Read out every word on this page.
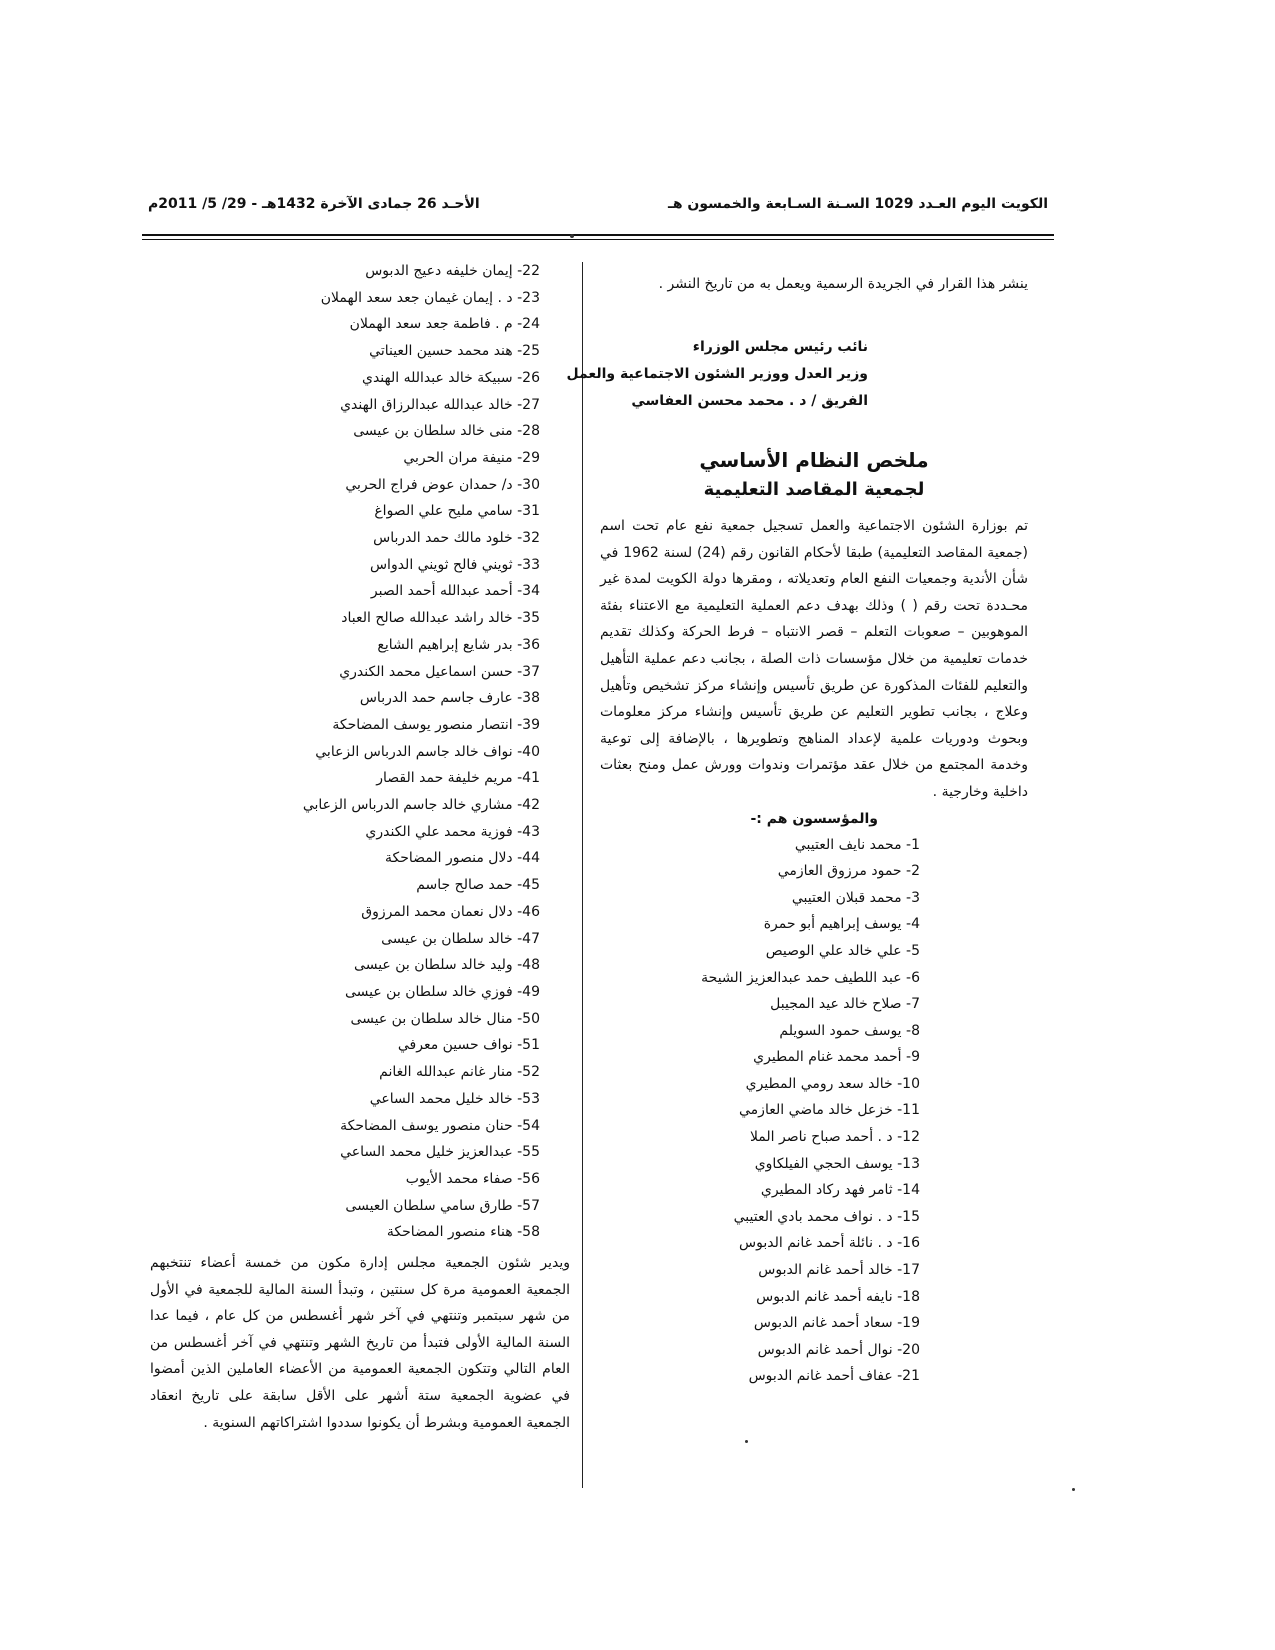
الكويت اليوم العـدد 1029 السـنة السـابعة والخمسون هـ
الأحـد 26 جمادى الآخرة 1432هـ - 29/ 5/ 2011م
ينشر هذا القرار في الجريدة الرسمية ويعمل به من تاريخ النشر .
نائب رئيس مجلس الوزراء
وزير العدل ووزير الشئون الاجتماعية والعمل
الفريق / د . محمد محسن العفاسي
ملخص النظام الأساسي
لجمعية المقاصد التعليمية
تم بوزارة الشئون الاجتماعية والعمل تسجيل جمعية نفع عام تحت اسم (جمعية المقاصد التعليمية) طبقا لأحكام القانون رقم (24) لسنة 1962 في شأن الأندية وجمعيات النفع العام وتعديلاته ، ومقرها دولة الكويت لمدة غير محـددة تحت رقم ( ) وذلك بهدف دعم العملية التعليمية مع الاعتناء بفئة الموهوبين – صعوبات التعلم – قصر الانتباه – فرط الحركة وكذلك تقديم خدمات تعليمية من خلال مؤسسات ذات الصلة ، بجانب دعم عملية التأهيل والتعليم للفئات المذكورة عن طريق تأسيس وإنشاء مركز تشخيص وتأهيل وعلاج ، بجانب تطوير التعليم عن طريق تأسيس وإنشاء مركز معلومات وبحوث ودوريات علمية لإعداد المناهج وتطويرها ، بالإضافة إلى توعية وخدمة المجتمع من خلال عقد مؤتمرات وندوات وورش عمل ومنح بعثات داخلية وخارجية .
والمؤسسون هم :-
1- محمد نايف العتيبي
2- حمود مرزوق العازمي
3- محمد قبلان العتيبي
4- يوسف إبراهيم أبو حمرة
5- علي خالد علي الوصيص
6- عبد اللطيف حمد عبدالعزيز الشيحة
7- صلاح خالد عيد المجيبل
8- يوسف حمود السويلم
9- أحمد محمد غنام المطيري
10- خالد سعد رومي المطيري
11- خزعل خالد ماضي العازمي
12- د . أحمد صباح ناصر الملا
13- يوسف الحجي الفيلكاوي
14- ثامر فهد ركاد المطيري
15- د . نواف محمد بادي العتيبي
16- د . نائلة أحمد غانم الدبوس
17- خالد أحمد غانم الدبوس
18- نايفه أحمد غانم الدبوس
19- سعاد أحمد غانم الدبوس
20- نوال أحمد غانم الدبوس
21- عفاف أحمد غانم الدبوس
22- إيمان خليفه دعيج الدبوس
23- د . إيمان غيمان جعد سعد الهملان
24- م . فاطمة جعد سعد الهملان
25- هند محمد حسين العيناتي
26- سبيكة خالد عبدالله الهندي
27- خالد عبدالله عبدالرزاق الهندي
28- منى خالد سلطان بن عيسى
29- منيفة مران الحربي
30- د/ حمدان عوض فراج الحربي
31- سامي مليح علي الصواغ
32- خلود مالك حمد الدرباس
33- ثويني فالح ثويني الدواس
34- أحمد عبدالله أحمد الصبر
35- خالد راشد عبدالله صالح العباد
36- بدر شايع إبراهيم الشايع
37- حسن اسماعيل محمد الكندري
38- عارف جاسم حمد الدرباس
39- انتصار منصور يوسف المضاحكة
40- نواف خالد جاسم الدرباس الزعابي
41- مريم خليفة حمد القصار
42- مشاري خالد جاسم الدرباس الزعابي
43- فوزية محمد علي الكندري
44- دلال منصور المضاحكة
45- حمد صالح جاسم
46- دلال نعمان محمد المرزوق
47- خالد سلطان بن عيسى
48- وليد خالد سلطان بن عيسى
49- فوزي خالد سلطان بن عيسى
50- منال خالد سلطان بن عيسى
51- نواف حسين معرفي
52- منار غانم عبدالله الغانم
53- خالد خليل محمد الساعي
54- حنان منصور يوسف المضاحكة
55- عبدالعزيز خليل محمد الساعي
56- صفاء محمد الأيوب
57- طارق سامي سلطان العيسى
58- هناء منصور المضاحكة
ويدير شئون الجمعية مجلس إدارة مكون من خمسة أعضاء تنتخبهم الجمعية العمومية مرة كل سنتين ، وتبدأ السنة المالية للجمعية في الأول من شهر سبتمبر وتنتهي في آخر شهر أغسطس من كل عام ، فيما عدا السنة المالية الأولى فتبدأ من تاريخ الشهر وتنتهي في آخر أغسطس من العام التالي وتتكون الجمعية العمومية من الأعضاء العاملين الذين أمضوا في عضوية الجمعية ستة أشهر على الأقل سابقة على تاريخ انعقاد الجمعية العمومية وبشرط أن يكونوا سددوا اشتراكاتهم السنوية .
